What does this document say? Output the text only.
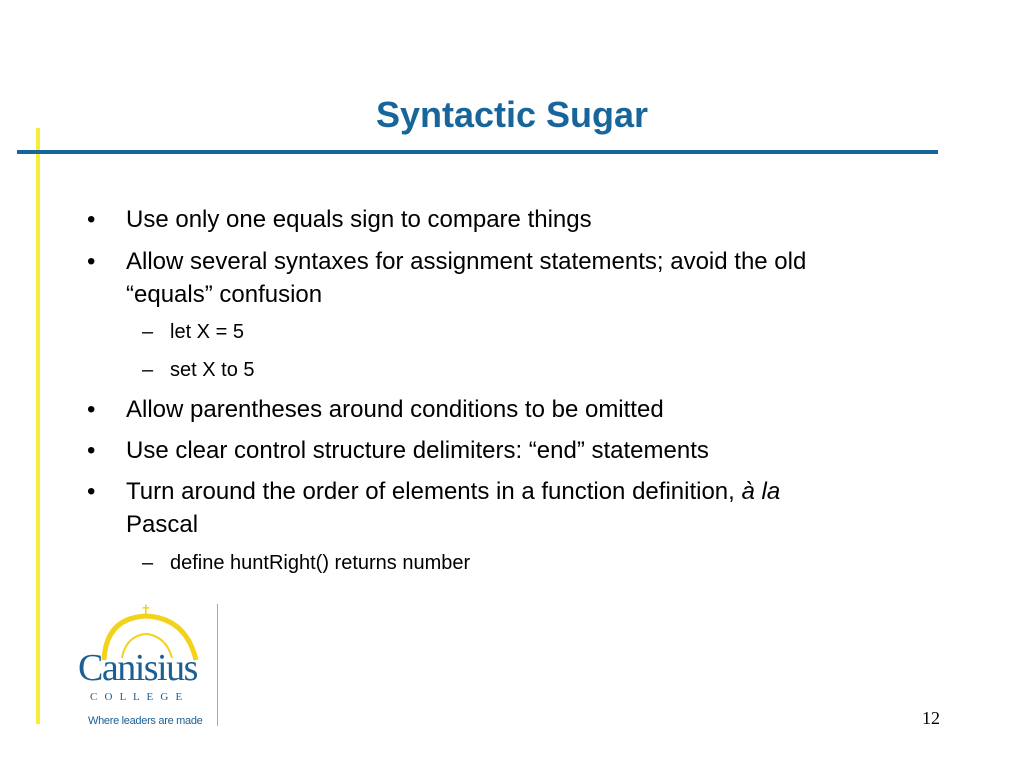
Syntactic Sugar
•	Use only one equals sign to compare things
•	Allow several syntaxes for assignment statements; avoid the old
“equals” confusion
– let X = 5
– set X to 5
•	Allow parentheses around conditions to be omitted
•	Use clear control structure delimiters: “end” statements
•	Turn around the order of elements in a function definition, à la
Pascal
– define huntRight() returns number
✝
Canisius
C O L L E G E
Where leaders are made	12
